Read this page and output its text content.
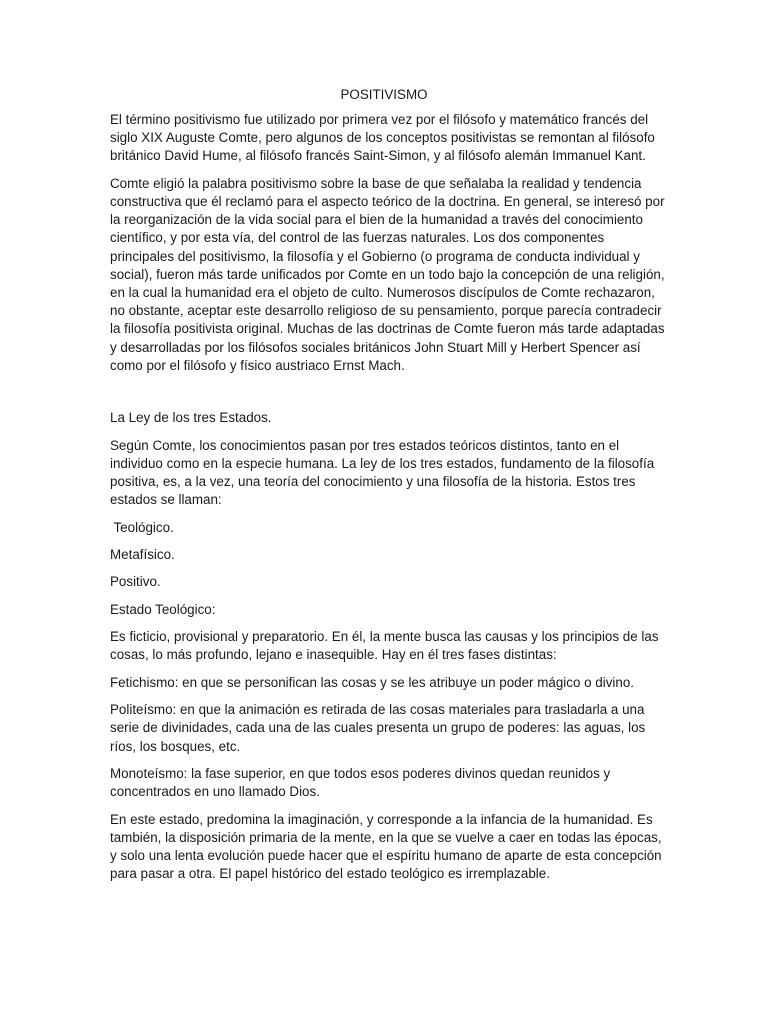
POSITIVISMO

El término positivismo fue utilizado por primera vez por el filósofo y matemático francés del siglo XIX Auguste Comte, pero algunos de los conceptos positivistas se remontan al filósofo británico David Hume, al filósofo francés Saint-Simon, y al filósofo alemán Immanuel Kant.

Comte eligió la palabra positivismo sobre la base de que señalaba la realidad y tendencia constructiva que él reclamó para el aspecto teórico de la doctrina. En general, se interesó por la reorganización de la vida social para el bien de la humanidad a través del conocimiento científico, y por esta vía, del control de las fuerzas naturales. Los dos componentes principales del positivismo, la filosofía y el Gobierno (o programa de conducta individual y social), fueron más tarde unificados por Comte en un todo bajo la concepción de una religión, en la cual la humanidad era el objeto de culto. Numerosos discípulos de Comte rechazaron, no obstante, aceptar este desarrollo religioso de su pensamiento, porque parecía contradecir la filosofía positivista original. Muchas de las doctrinas de Comte fueron más tarde adaptadas y desarrolladas por los filósofos sociales británicos John Stuart Mill y Herbert Spencer así como por el filósofo y físico austriaco Ernst Mach.

La Ley de los tres Estados.

Según Comte, los conocimientos pasan por tres estados teóricos distintos, tanto en el individuo como en la especie humana. La ley de los tres estados, fundamento de la filosofía positiva, es, a la vez, una teoría del conocimiento y una filosofía de la historia. Estos tres estados se llaman:

Teológico.

Metafísico.

Positivo.

Estado Teológico:

Es ficticio, provisional y preparatorio. En él, la mente busca las causas y los principios de las cosas, lo más profundo, lejano e inasequible. Hay en él tres fases distintas:

Fetichismo: en que se personifican las cosas y se les atribuye un poder mágico o divino.

Politeísmo: en que la animación es retirada de las cosas materiales para trasladarla a una serie de divinidades, cada una de las cuales presenta un grupo de poderes: las aguas, los ríos, los bosques, etc.

Monoteísmo: la fase superior, en que todos esos poderes divinos quedan reunidos y concentrados en uno llamado Dios.

En este estado, predomina la imaginación, y corresponde a la infancia de la humanidad. Es también, la disposición primaria de la mente, en la que se vuelve a caer en todas las épocas, y solo una lenta evolución puede hacer que el espíritu humano de aparte de esta concepción para pasar a otra. El papel histórico del estado teológico es irremplazable.
